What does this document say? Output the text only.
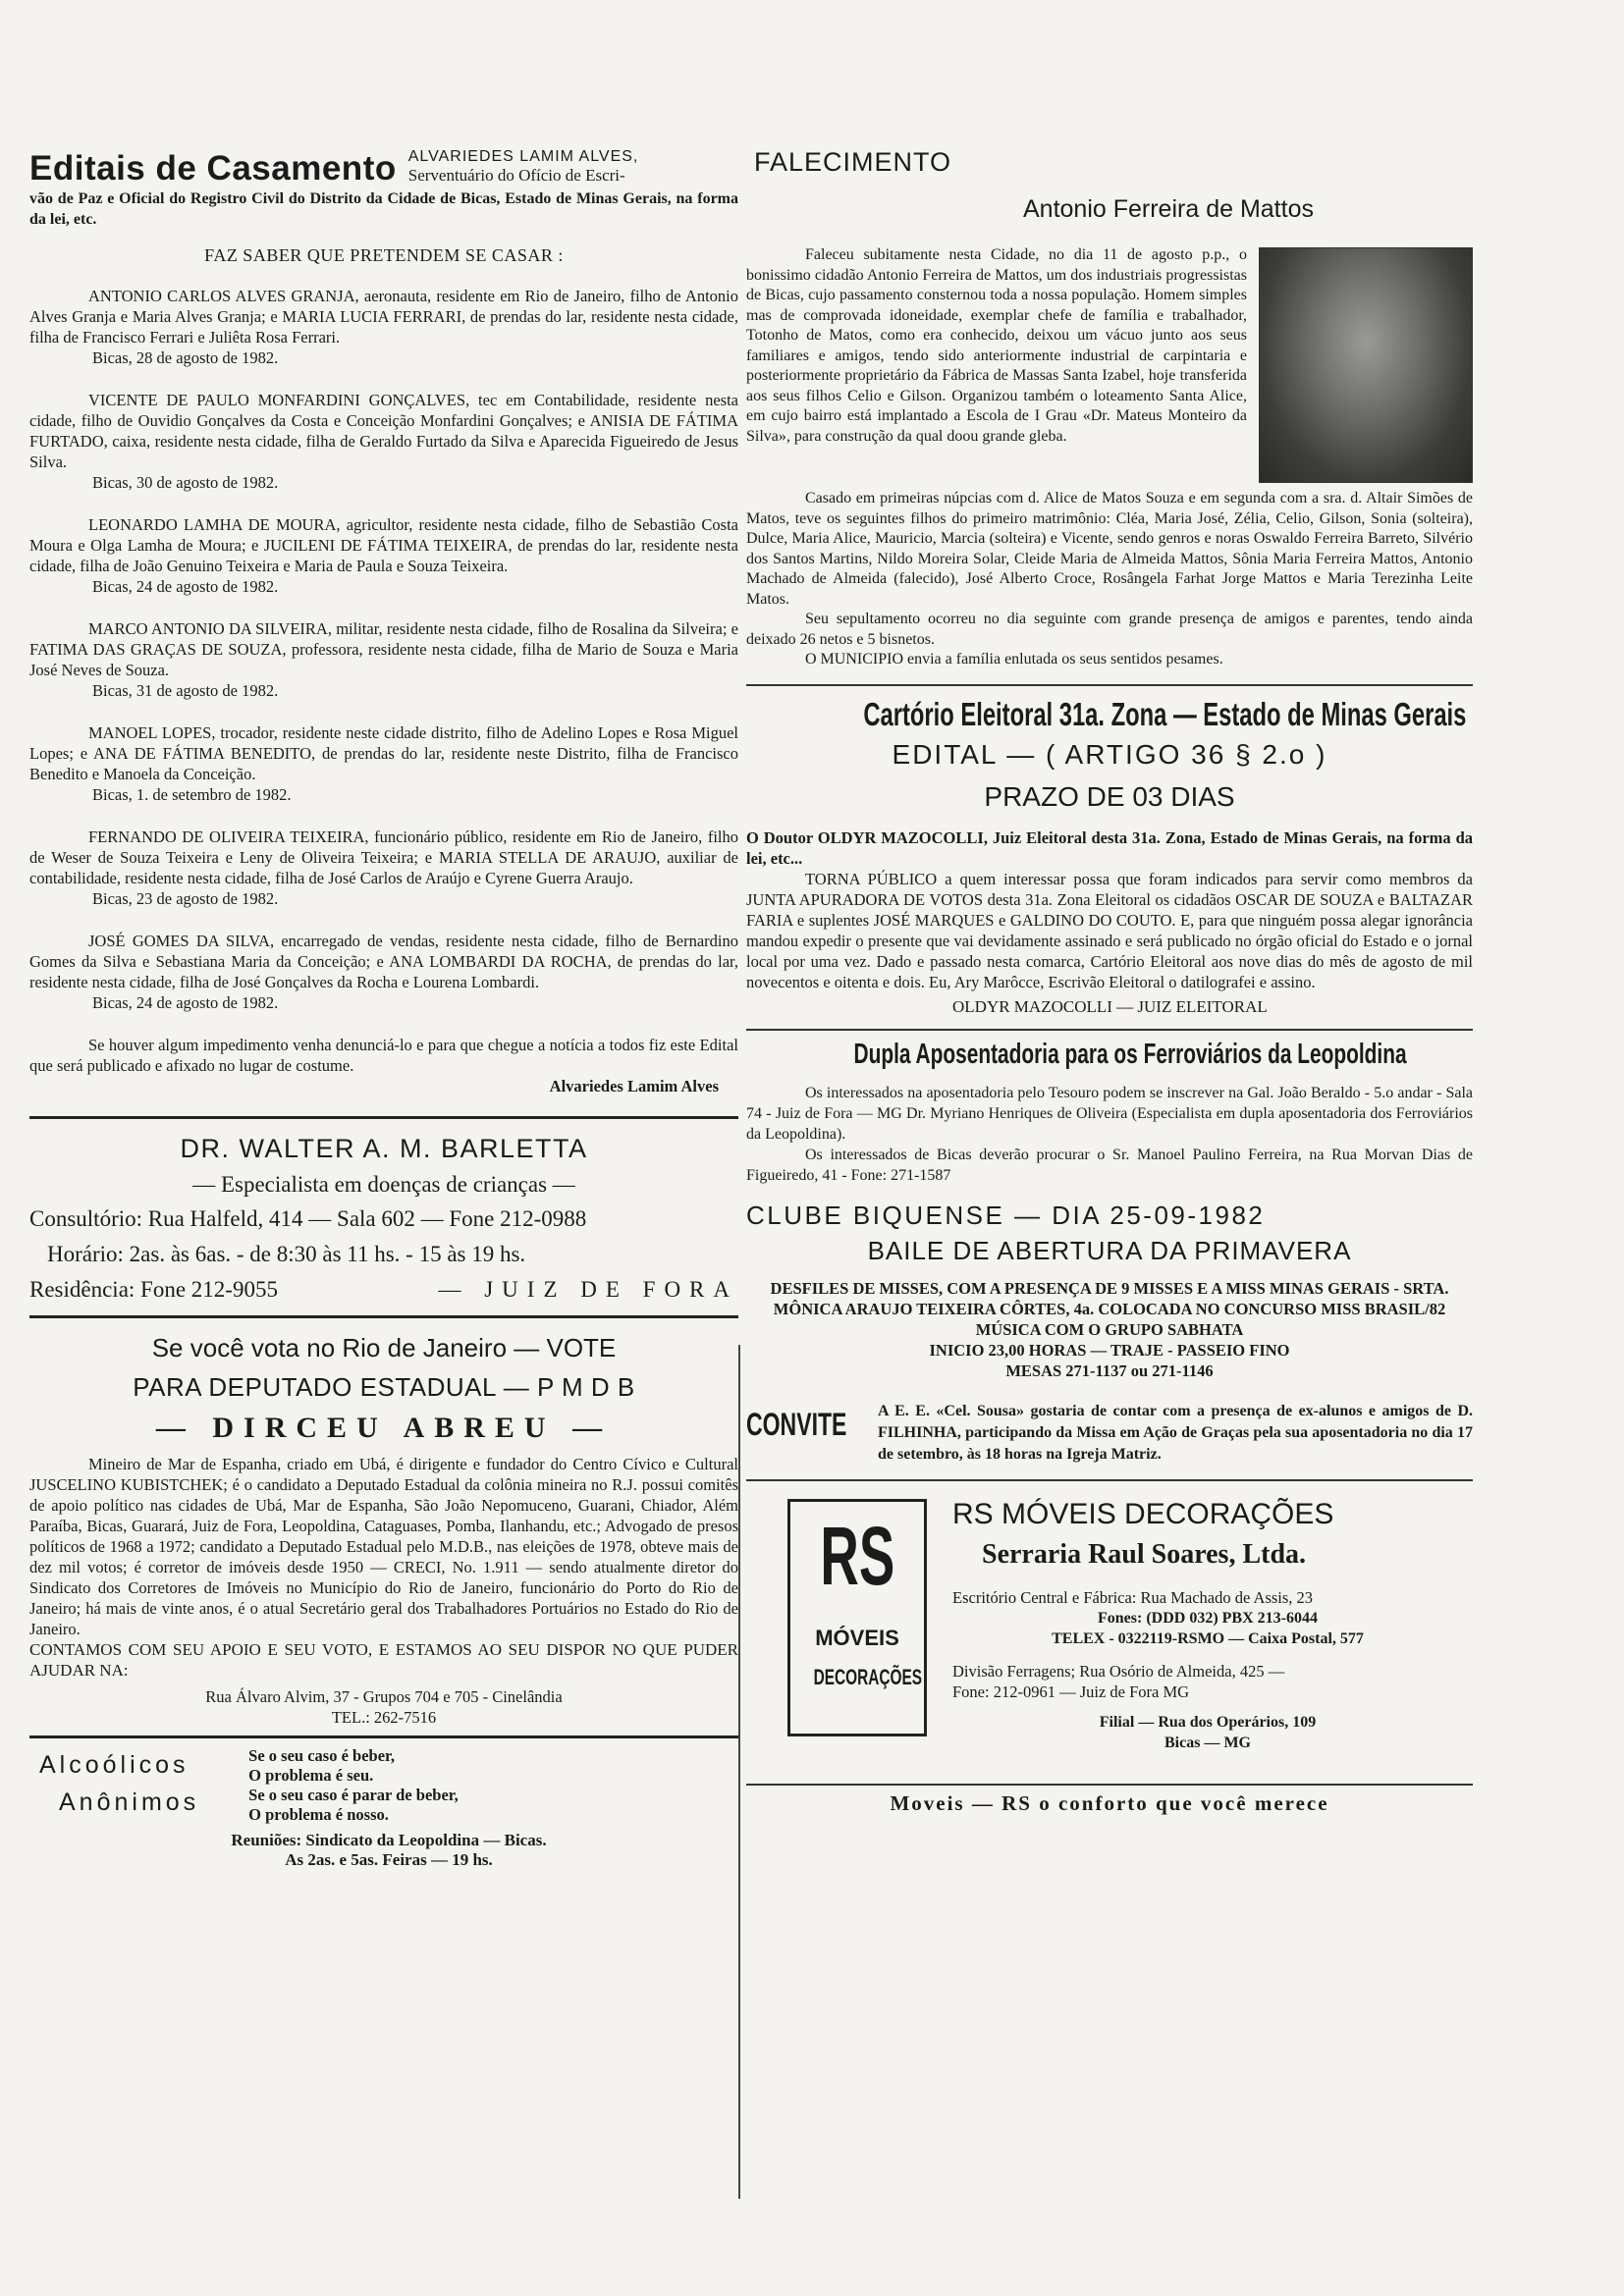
Editais de Casamento ALVARIEDES LAMIM ALVES,
Serventuário do Ofício de Escri-

vão de Paz e Oficial do Registro Civil do Distrito da Cidade de Bicas, Estado de Minas Gerais, na forma da lei, etc.

FAZ SABER QUE PRETENDEM SE CASAR :

ANTONIO CARLOS ALVES GRANJA, aeronauta, residente em Rio de Janeiro, filho de Antonio Alves Granja e Maria Alves Granja; e MARIA LUCIA FERRARI, de prendas do lar, residente nesta cidade, filha de Francisco Ferrari e Juliêta Rosa Ferrari.

Bicas, 28 de agosto de 1982.

VICENTE DE PAULO MONFARDINI GONÇALVES, tec em Contabilidade, residente nesta cidade, filho de Ouvidio Gonçalves da Costa e Conceição Monfardini Gonçalves; e ANISIA DE FÁTIMA FURTADO, caixa, residente nesta cidade, filha de Geraldo Furtado da Silva e Aparecida Figueiredo de Jesus Silva.

Bicas, 30 de agosto de 1982.

LEONARDO LAMHA DE MOURA, agricultor, residente nesta cidade, filho de Sebastião Costa Moura e Olga Lamha de Moura; e JUCILENI DE FÁTIMA TEIXEIRA, de prendas do lar, residente nesta cidade, filha de João Genuino Teixeira e Maria de Paula e Souza Teixeira.

Bicas, 24 de agosto de 1982.

MARCO ANTONIO DA SILVEIRA, militar, residente nesta cidade, filho de Rosalina da Silveira; e FATIMA DAS GRAÇAS DE SOUZA, professora, residente nesta cidade, filha de Mario de Souza e Maria José Neves de Souza.

Bicas, 31 de agosto de 1982.

MANOEL LOPES, trocador, residente neste cidade distrito, filho de Adelino Lopes e Rosa Miguel Lopes; e ANA DE FÁTIMA BENEDITO, de prendas do lar, residente neste Distrito, filha de Francisco Benedito e Manoela da Conceição.

Bicas, 1. de setembro de 1982.

FERNANDO DE OLIVEIRA TEIXEIRA, funcionário público, residente em Rio de Janeiro, filho de Weser de Souza Teixeira e Leny de Oliveira Teixeira; e MARIA STELLA DE ARAUJO, auxiliar de contabilidade, residente nesta cidade, filha de José Carlos de Araújo e Cyrene Guerra Araujo.

Bicas, 23 de agosto de 1982.

JOSÉ GOMES DA SILVA, encarregado de vendas, residente nesta cidade, filho de Bernardino Gomes da Silva e Sebastiana Maria da Conceição; e ANA LOMBARDI DA ROCHA, de prendas do lar, residente nesta cidade, filha de José Gonçalves da Rocha e Lourena Lombardi.

Bicas, 24 de agosto de 1982.

Se houver algum impedimento venha denunciá-lo e para que chegue a notícia a todos fiz este Edital que será publicado e afixado no lugar de costume.

Alvariedes Lamim Alves

DR. WALTER A. M. BARLETTA
— Especialista em doenças de crianças —
Consultório: Rua Halfeld, 414 — Sala 602 — Fone 212-0988
Horário: 2as. às 6as. - de 8:30 às 11 hs. - 15 às 19 hs.
Residência: Fone 212-9055	— JUIZ DE FORA
Se você vota no Rio de Janeiro — VOTE
PARA DEPUTADO ESTADUAL — P M D B
— DIRCEU ABREU —

Mineiro de Mar de Espanha, criado em Ubá, é dirigente e fundador do Centro Cívico e Cultural JUSCELINO KUBISTCHEK; é o candidato a Deputado Estadual da colônia mineira no R.J. possui comitês de apoio político nas cidades de Ubá, Mar de Espanha, São João Nepomuceno, Guarani, Chiador, Além Paraíba, Bicas, Guarará, Juiz de Fora, Leopoldina, Cataguases, Pomba, Ilanhandu, etc.; Advogado de presos políticos de 1968 a 1972; candidato a Deputado Estadual pelo M.D.B., nas eleições de 1978, obteve mais de dez mil votos; é corretor de imóveis desde 1950 — CRECI, No. 1.911 — sendo atualmente diretor do Sindicato dos Corretores de Imóveis no Município do Rio de Janeiro, funcionário do Porto do Rio de Janeiro; há mais de vinte anos, é o atual Secretário geral dos Trabalhadores Portuários no Estado do Rio de Janeiro.

CONTAMOS COM SEU APOIO E SEU VOTO, E ESTAMOS AO SEU DISPOR NO QUE PUDER AJUDAR NA:

Rua Álvaro Alvim, 37 - Grupos 704 e 705 - Cinelândia

TEL.: 262-7516

Alcoólicos
Anônimos
Se o seu caso é beber,
O problema é seu.
Se o seu caso é parar de beber,
O problema é nosso.
Reuniões: Sindicato da Leopoldina — Bicas.
As 2as. e 5as. Feiras — 19 hs.
FALECIMENTO
Antonio Ferreira de Mattos

Faleceu subitamente nesta Cidade, no dia 11 de agosto p.p., o bonissimo cidadão Antonio Ferreira de Mattos, um dos industriais progressistas de Bicas, cujo passamento consternou toda a nossa população. Homem simples mas de comprovada idoneidade, exemplar chefe de família e trabalhador, Totonho de Matos, como era conhecido, deixou um vácuo junto aos seus familiares e amigos, tendo sido anteriormente industrial de carpintaria e posteriormente proprietário da Fábrica de Massas Santa Izabel, hoje transferida aos seus filhos Celio e Gilson. Organizou também o loteamento Santa Alice, em cujo bairro está implantado a Escola de I Grau «Dr. Mateus Monteiro da Silva», para construção da qual doou grande gleba.

Casado em primeiras núpcias com d. Alice de Matos Souza e em segunda com a sra. d. Altair Simões de Matos, teve os seguintes filhos do primeiro matrimônio: Cléa, Maria José, Zélia, Celio, Gilson, Sonia (solteira), Dulce, Maria Alice, Mauricio, Marcia (solteira) e Vicente, sendo genros e noras Oswaldo Ferreira Barreto, Silvério dos Santos Martins, Nildo Moreira Solar, Cleide Maria de Almeida Mattos, Sônia Maria Ferreira Mattos, Antonio Machado de Almeida (falecido), José Alberto Croce, Rosângela Farhat Jorge Mattos e Maria Terezinha Leite Matos.

Seu sepultamento ocorreu no dia seguinte com grande presença de amigos e parentes, tendo ainda deixado 26 netos e 5 bisnetos.

O MUNICIPIO envia a família enlutada os seus sentidos pesames.

Cartório Eleitoral 31a. Zona — Estado de Minas Gerais
EDITAL — ( ARTIGO 36 § 2.o )
PRAZO DE 03 DIAS

O Doutor OLDYR MAZOCOLLI, Juiz Eleitoral desta 31a. Zona, Estado de Minas Gerais, na forma da lei, etc...

TORNA PÚBLICO a quem interessar possa que foram indicados para servir como membros da JUNTA APURADORA DE VOTOS desta 31a. Zona Eleitoral os cidadãos OSCAR DE SOUZA e BALTAZAR FARIA e suplentes JOSÉ MARQUES e GALDINO DO COUTO. E, para que ninguém possa alegar ignorância mandou expedir o presente que vai devidamente assinado e será publicado no órgão oficial do Estado e o jornal local por uma vez. Dado e passado nesta comarca, Cartório Eleitoral aos nove dias do mês de agosto de mil novecentos e oitenta e dois. Eu, Ary Marôcce, Escrivão Eleitoral o datilografei e assino.

OLDYR MAZOCOLLI — JUIZ ELEITORAL

Dupla Aposentadoria para os Ferroviários da Leopoldina

Os interessados na aposentadoria pelo Tesouro podem se inscrever na Gal. João Beraldo - 5.o andar - Sala 74 - Juiz de Fora — MG Dr. Myriano Henriques de Oliveira (Especialista em dupla aposentadoria dos Ferroviários da Leopoldina).

Os interessados de Bicas deverão procurar o Sr. Manoel Paulino Ferreira, na Rua Morvan Dias de Figueiredo, 41 - Fone: 271-1587

CLUBE BIQUENSE — DIA 25-09-1982
BAILE DE ABERTURA DA PRIMAVERA

DESFILES DE MISSES, COM A PRESENÇA DE 9 MISSES E A MISS MINAS GERAIS - SRTA. MÔNICA ARAUJO TEIXEIRA CÔRTES, 4a. COLOCADA NO CONCURSO MISS BRASIL/82

MÚSICA COM O GRUPO SABHATA

INICIO 23,00 HORAS — TRAJE - PASSEIO FINO

MESAS 271-1137 ou 271-1146

CONVITE A E. E. «Cel. Sousa» gostaria de contar com a presença de ex-alunos e amigos de D. FILHINHA, participando da Missa em Ação de Graças pela sua aposentadoria no dia 17 de setembro, às 18 horas na Igreja Matriz.

RS
MÓVEIS
DECORAÇÕES
RS MÓVEIS DECORAÇÕES
Serraria Raul Soares, Ltda.
Escritório Central e Fábrica: Rua Machado de Assis, 23
Fones: (DDD 032) PBX 213-6044
TELEX - 0322119-RSMO — Caixa Postal, 577
Divisão Ferragens; Rua Osório de Almeida, 425 —
Fone: 212-0961 — Juiz de Fora MG
Filial — Rua dos Operários, 109
Bicas — MG
Moveis — RS o conforto que você merece
